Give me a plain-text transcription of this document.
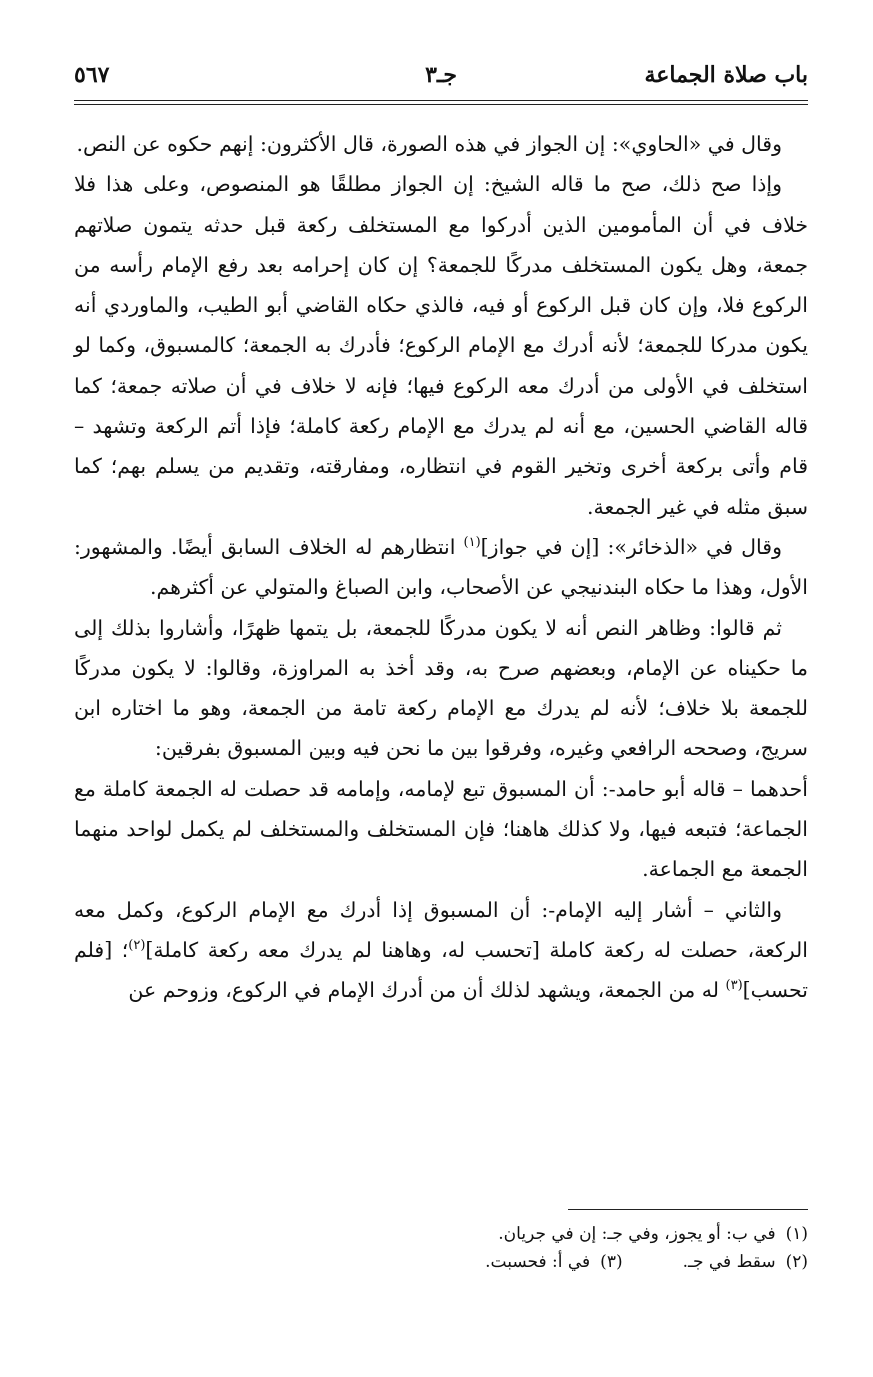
باب صلاة الجماعة
جـ٣
٥٦٧

وقال في «الحاوي»: إن الجواز في هذه الصورة، قال الأكثرون: إنهم حكوه عن النص.

وإذا صح ذلك، صح ما قاله الشيخ: إن الجواز مطلقًا هو المنصوص، وعلى هذا فلا خلاف في أن المأمومين الذين أدركوا مع المستخلف ركعة قبل حدثه يتمون صلاتهم جمعة، وهل يكون المستخلف مدركًا للجمعة؟ إن كان إحرامه بعد رفع الإمام رأسه من الركوع فلا، وإن كان قبل الركوع أو فيه، فالذي حكاه القاضي أبو الطيب، والماوردي أنه يكون مدركا للجمعة؛ لأنه أدرك مع الإمام الركوع؛ فأدرك به الجمعة؛ كالمسبوق، وكما لو استخلف في الأولى من أدرك معه الركوع فيها؛ فإنه لا خلاف في أن صلاته جمعة؛ كما قاله القاضي الحسين، مع أنه لم يدرك مع الإمام ركعة كاملة؛ فإذا أتم الركعة وتشهد – قام وأتى بركعة أخرى وتخير القوم في انتظاره، ومفارقته، وتقديم من يسلم بهم؛ كما سبق مثله في غير الجمعة.

وقال في «الذخائر»: [إن في جواز]$^{(١)}$ انتظارهم له الخلاف السابق أيضًا. والمشهور: الأول، وهذا ما حكاه البندنيجي عن الأصحاب، وابن الصباغ والمتولي عن أكثرهم.

ثم قالوا: وظاهر النص أنه لا يكون مدركًا للجمعة، بل يتمها ظهرًا، وأشاروا بذلك إلى ما حكيناه عن الإمام، وبعضهم صرح به، وقد أخذ به المراوزة، وقالوا: لا يكون مدركًا للجمعة بلا خلاف؛ لأنه لم يدرك مع الإمام ركعة تامة من الجمعة، وهو ما اختاره ابن سريج، وصححه الرافعي وغيره، وفرقوا بين ما نحن فيه وبين المسبوق بفرقين:

أحدهما – قاله أبو حامد-: أن المسبوق تبع لإمامه، وإمامه قد حصلت له الجمعة كاملة مع الجماعة؛ فتبعه فيها، ولا كذلك هاهنا؛ فإن المستخلف والمستخلف لم يكمل لواحد منهما الجمعة مع الجماعة.

والثاني – أشار إليه الإمام-: أن المسبوق إذا أدرك مع الإمام الركوع، وكمل معه الركعة، حصلت له ركعة كاملة [تحسب له، وهاهنا لم يدرك معه ركعة كاملة]$^{(٢)}$؛ [فلم تحسب]$^{(٣)}$ له من الجمعة، ويشهد لذلك أن من أدرك الإمام في الركوع، وزوحم عن

(١)في ب: أو يجوز، وفي جـ: إن في جريان.
(٢)سقط في جـ.(٣)في أ: فحسبت.
